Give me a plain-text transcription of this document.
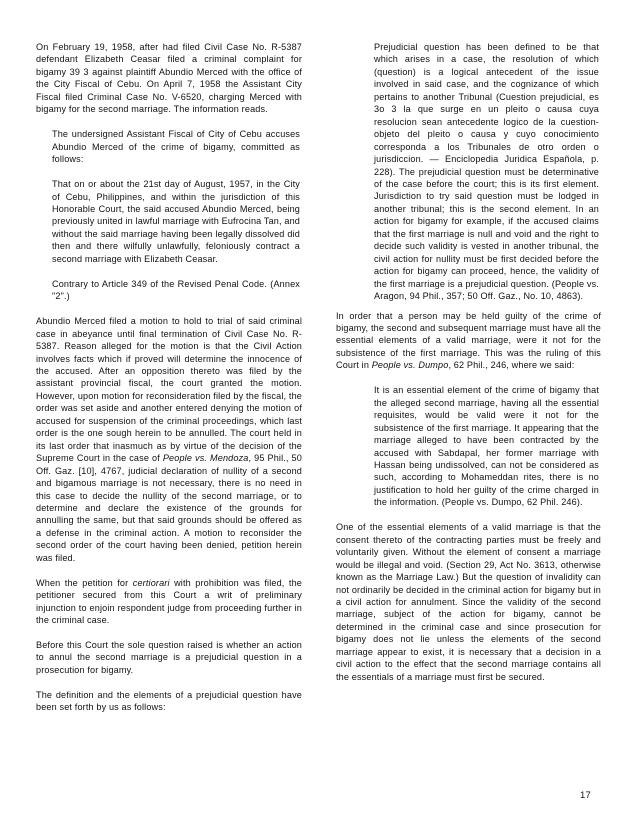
On February 19, 1958, after had filed Civil Case No. R-5387 defendant Elizabeth Ceasar filed a criminal complaint for bigamy 39 3 against plaintiff Abundio Merced with the office of the City Fiscal of Cebu. On April 7, 1958 the Assistant City Fiscal filed Criminal Case No. V-6520, charging Merced with bigamy for the second marriage. The information reads.

The undersigned Assistant Fiscal of City of Cebu accuses Abundio Merced of the crime of bigamy, committed as follows:

That on or about the 21st day of August, 1957, in the City of Cebu, Philippines, and within the jurisdiction of this Honorable Court, the said accused Abundio Merced, being previously united in lawful marriage with Eufrocina Tan, and without the said marriage having been legally dissolved did then and there wilfully unlawfully, feloniously contract a second marriage with Elizabeth Ceasar.

Contrary to Article 349 of the Revised Penal Code. (Annex "2".)

Abundio Merced filed a motion to hold to trial of said criminal case in abeyance until final termination of Civil Case No. R- 5387. Reason alleged for the motion is that the Civil Action involves facts which if proved will determine the innocence of the accused. After an opposition thereto was filed by the assistant provincial fiscal, the court granted the motion. However, upon motion for reconsideration filed by the fiscal, the order was set aside and another entered denying the motion of accused for suspension of the criminal proceedings, which last order is the one sough herein to be annulled. The court held in its last order that inasmuch as by virtue of the decision of the Supreme Court in the case of People vs. Mendoza, 95 Phil., 50 Off. Gaz. [10], 4767, judicial declaration of nullity of a second and bigamous marriage is not necessary, there is no need in this case to decide the nullity of the second marriage, or to determine and declare the existence of the grounds for annulling the same, but that said grounds should be offered as a defense in the criminal action. A motion to reconsider the second order of the court having been denied, petition herein was filed.

When the petition for certiorari with prohibition was filed, the petitioner secured from this Court a writ of preliminary injunction to enjoin respondent judge from proceeding further in the criminal case.

Before this Court the sole question raised is whether an action to annul the second marriage is a prejudicial question in a prosecution for bigamy.

The definition and the elements of a prejudicial question have been set forth by us as follows:

Prejudicial question has been defined to be that which arises in a case, the resolution of which (question) is a logical antecedent of the issue involved in said case, and the cognizance of which pertains to another Tribunal (Cuestion prejudicial, es 3o 3 la que surge en un pleito o causa cuya resolucion sean antecedente logico de la cuestion-objeto del pleito o causa y cuyo conocimiento corresponda a los Tribunales de otro orden o jurisdiccion. — Enciclopedia Juridica Española, p. 228). The prejudicial question must be determinative of the case before the court; this is its first element. Jurisdiction to try said question must be lodged in another tribunal; this is the second element. In an action for bigamy for example, if the accused claims that the first marriage is null and void and the right to decide such validity is vested in another tribunal, the civil action for nullity must be first decided before the action for bigamy can proceed, hence, the validity of the first marriage is a prejudicial question. (People vs. Aragon, 94 Phil., 357; 50 Off. Gaz., No. 10, 4863).

In order that a person may be held guilty of the crime of bigamy, the second and subsequent marriage must have all the essential elements of a valid marriage, were it not for the subsistence of the first marriage. This was the ruling of this Court in People vs. Dumpo, 62 Phil., 246, where we said:

It is an essential element of the crime of bigamy that the alleged second marriage, having all the essential requisites, would be valid were it not for the subsistence of the first marriage. It appearing that the marriage alleged to have been contracted by the accused with Sabdapal, her former marriage with Hassan being undissolved, can not be considered as such, according to Mohameddan rites, there is no justification to hold her guilty of the crime charged in the information. (People vs. Dumpo, 62 Phil. 246).

One of the essential elements of a valid marriage is that the consent thereto of the contracting parties must be freely and voluntarily given. Without the element of consent a marriage would be illegal and void. (Section 29, Act No. 3613, otherwise known as the Marriage Law.) But the question of invalidity can not ordinarily be decided in the criminal action for bigamy but in a civil action for annulment. Since the validity of the second marriage, subject of the action for bigamy, cannot be determined in the criminal case and since prosecution for bigamy does not lie unless the elements of the second marriage appear to exist, it is necessary that a decision in a civil action to the effect that the second marriage contains all the essentials of a marriage must first be secured.

17
